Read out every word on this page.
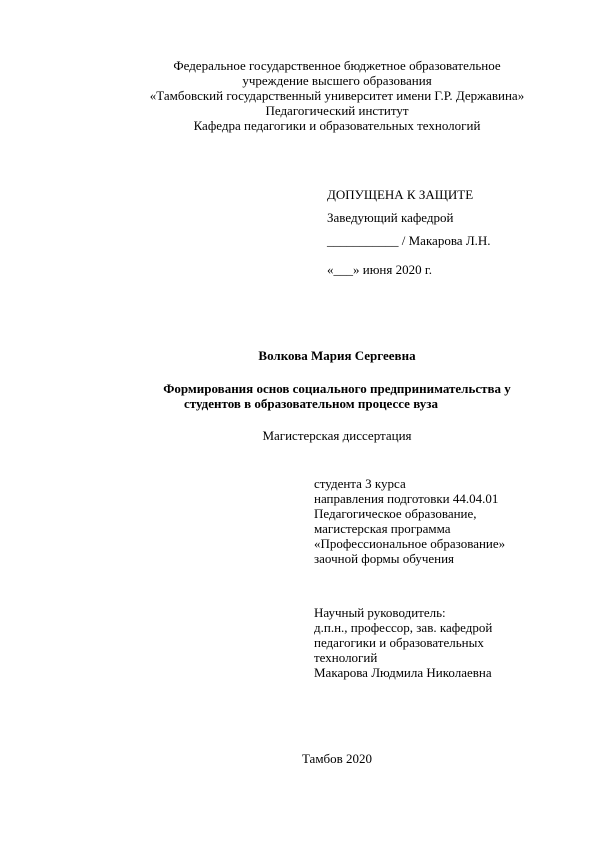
Федеральное государственное бюджетное образовательное
учреждение высшего образования
«Тамбовский государственный университет имени Г.Р. Державина»
Педагогический институт
Кафедра педагогики и образовательных технологий
ДОПУЩЕНА К ЗАЩИТЕ
Заведующий кафедрой
___________ / Макарова Л.Н.
«___» июня 2020 г.
Волкова Мария Сергеевна
Формирования основ социального предпринимательства у
студентов в образовательном процессе вуза
Магистерская диссертация
студента 3 курса
направления подготовки 44.04.01
Педагогическое образование,
магистерская программа
«Профессиональное образование»
заочной формы обучения
Научный руководитель:
д.п.н., профессор, зав. кафедрой
педагогики и образовательных
технологий
Макарова Людмила Николаевна
Тамбов 2020
